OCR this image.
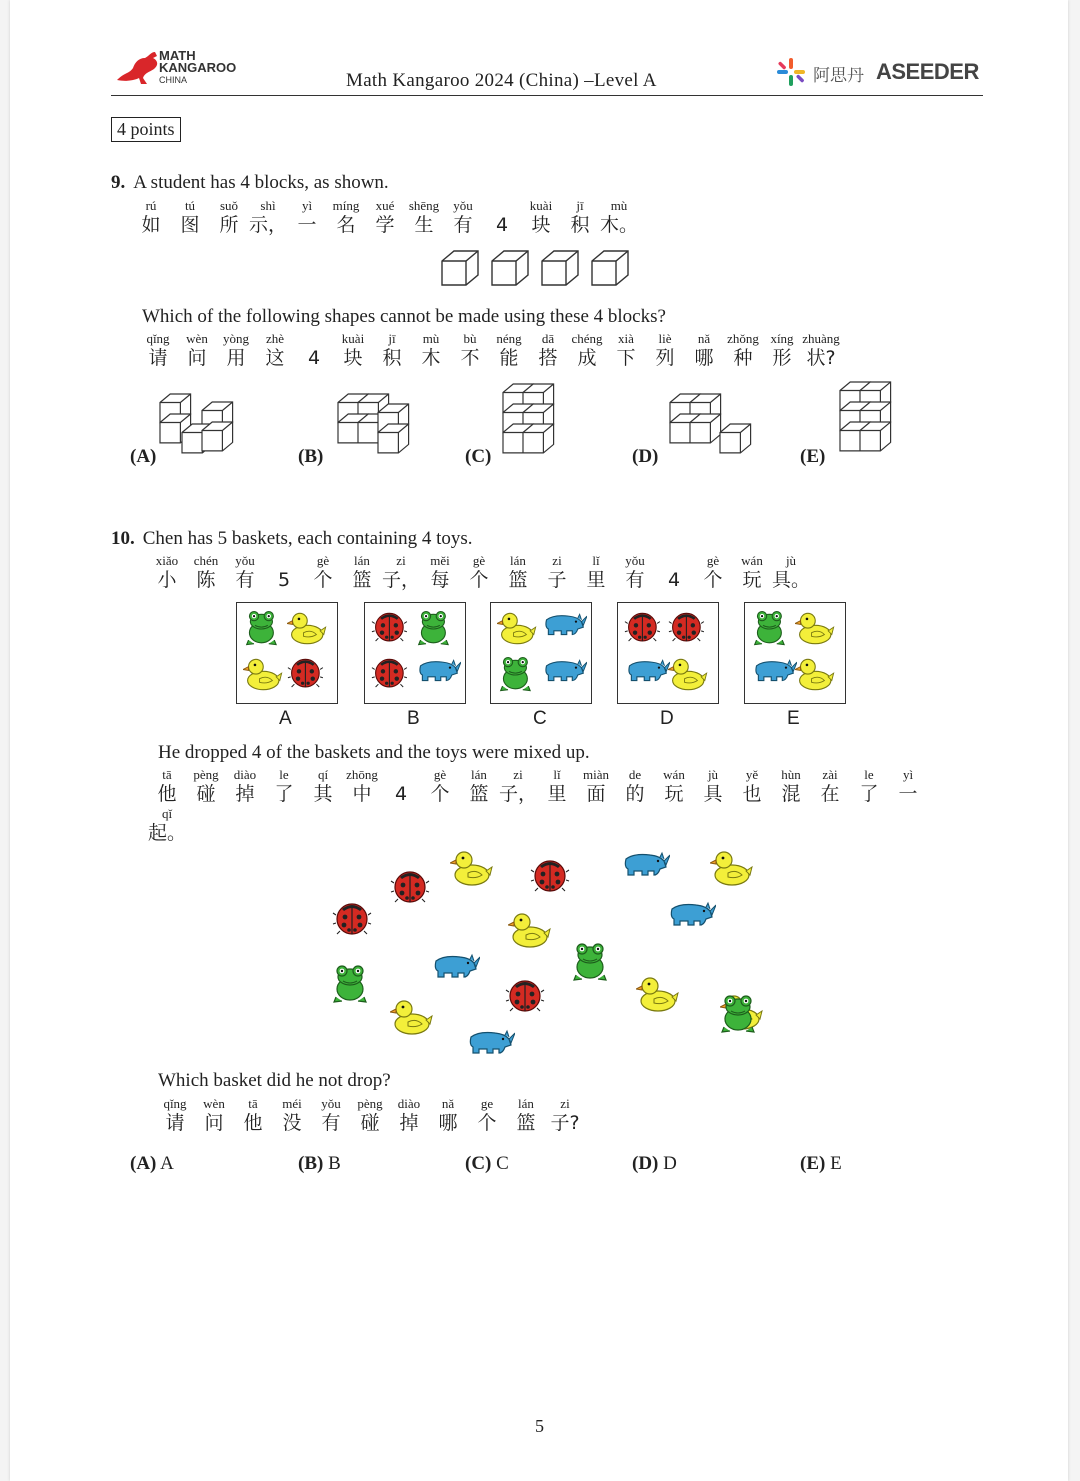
MATH
KANGAROO
CHINA	Math Kangaroo 2024 (China) –Level A	阿思丹 ASEEDER
4 points
9. A student has 4 blocks, as shown.
rú
如
tú
图
suǒ
所
shì
示，
yì
一
míng
名
xué
学
shēng
生
yǒu
有	4
kuài
块
jī
积
mù
木。
Which of the following shapes cannot be made using these 4 blocks?
qǐng
请
wèn
问
yòng
用
zhè
这	4
kuài
块
jī
积
mù
木
bù
不
néng
能
dā
搭
chéng
成
xià
下
liè
列
nǎ
哪
zhǒng
种
xíng
形
zhuàng
状?
(A)	(B)	(C)	(D)	(E)
10. Chen has 5 baskets, each containing 4 toys.
xiǎo
小
chén
陈
yǒu
有	5
gè
个
lán
篮
zi
子，
měi
每
gè
个
lán
篮
zi
子
lǐ
里
yǒu
有	4
gè
个
wán
玩
jù
具。
A	B	C	D	E
He dropped 4 of the baskets and the toys were mixed up.
tā
他
pèng
碰
diào
掉
le
了
qí
其
zhōng
中	4
gè
个
lán
篮
zi
子，
lǐ
里
miàn
面
de
的
wán
玩
jù
具
yě
也
hùn
混
zài
在
le
了
yì
一
qǐ
起。
Which basket did he not drop?
qǐng
请
wèn
问
tā
他
méi
没
yǒu
有
pèng
碰
diào
掉
nǎ
哪
ge
个
lán
篮
zi
子?
(A) A	(B) B	(C) C	(D) D	(E) E
5
